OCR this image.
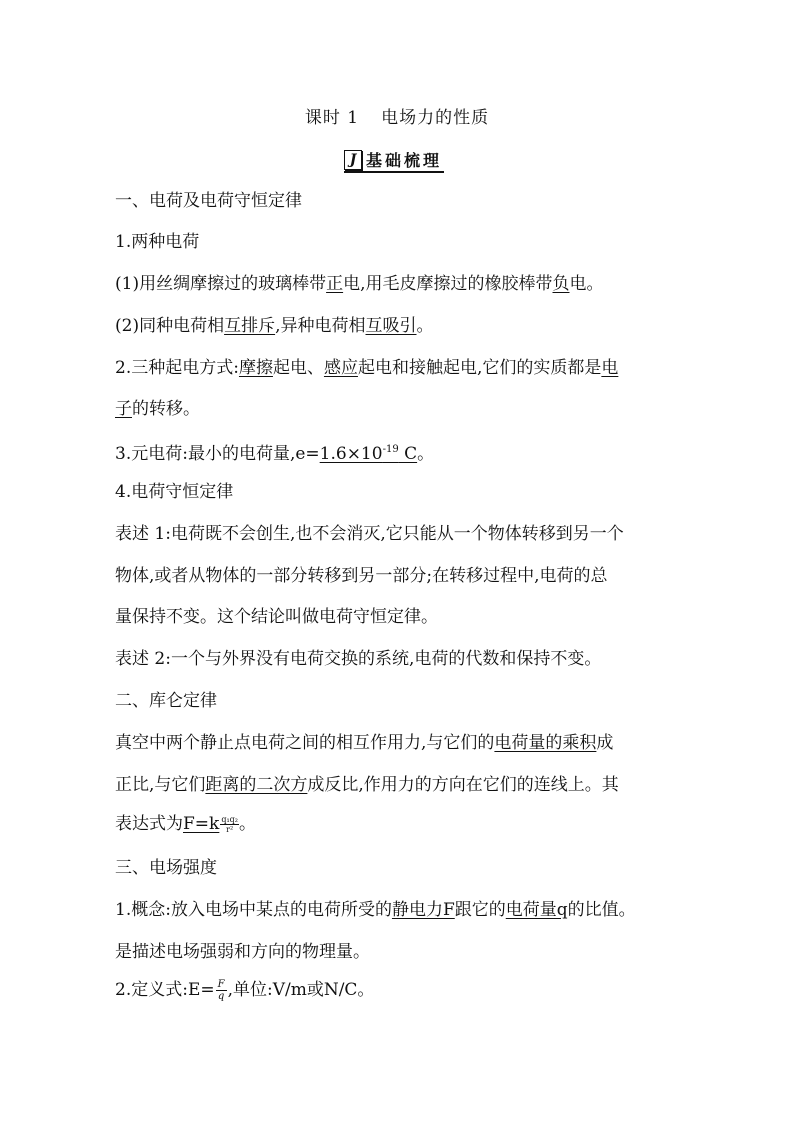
课时 1 电场力的性质
J 基础梳理
一、电荷及电荷守恒定律
1.两种电荷
(1)用丝绸摩擦过的玻璃棒带正电,用毛皮摩擦过的橡胶棒带负电。
(2)同种电荷相互排斥,异种电荷相互吸引。
2.三种起电方式:摩擦起电、感应起电和接触起电,它们的实质都是电
子的转移。
3.元电荷:最小的电荷量$,e=1.6\times 10^{-19}$ C。
4.电荷守恒定律
表述 1:电荷既不会创生,也不会消灭,它只能从一个物体转移到另一个
物体,或者从物体的一部分转移到另一部分;在转移过程中,电荷的总
量保持不变。这个结论叫做电荷守恒定律。
表述 2:一个与外界没有电荷交换的系统,电荷的代数和保持不变。
二、库仑定律
真空中两个静止点电荷之间的相互作用力,与它们的电荷量的乘积成
正比,与它们距离的二次方成反比,作用力的方向在它们的连线上。其
表达式为$F=k \frac{\text{q₁q₂}}{\text{r²}}$ 。
三、电场强度
1.概念:放入电场中某点的电荷所受的静电力F跟它的电荷量q的比值。
是描述电场强弱和方向的物理量。
2.定义式:E= $\frac{F}{q}$ ,单位:V/m或N/C。
